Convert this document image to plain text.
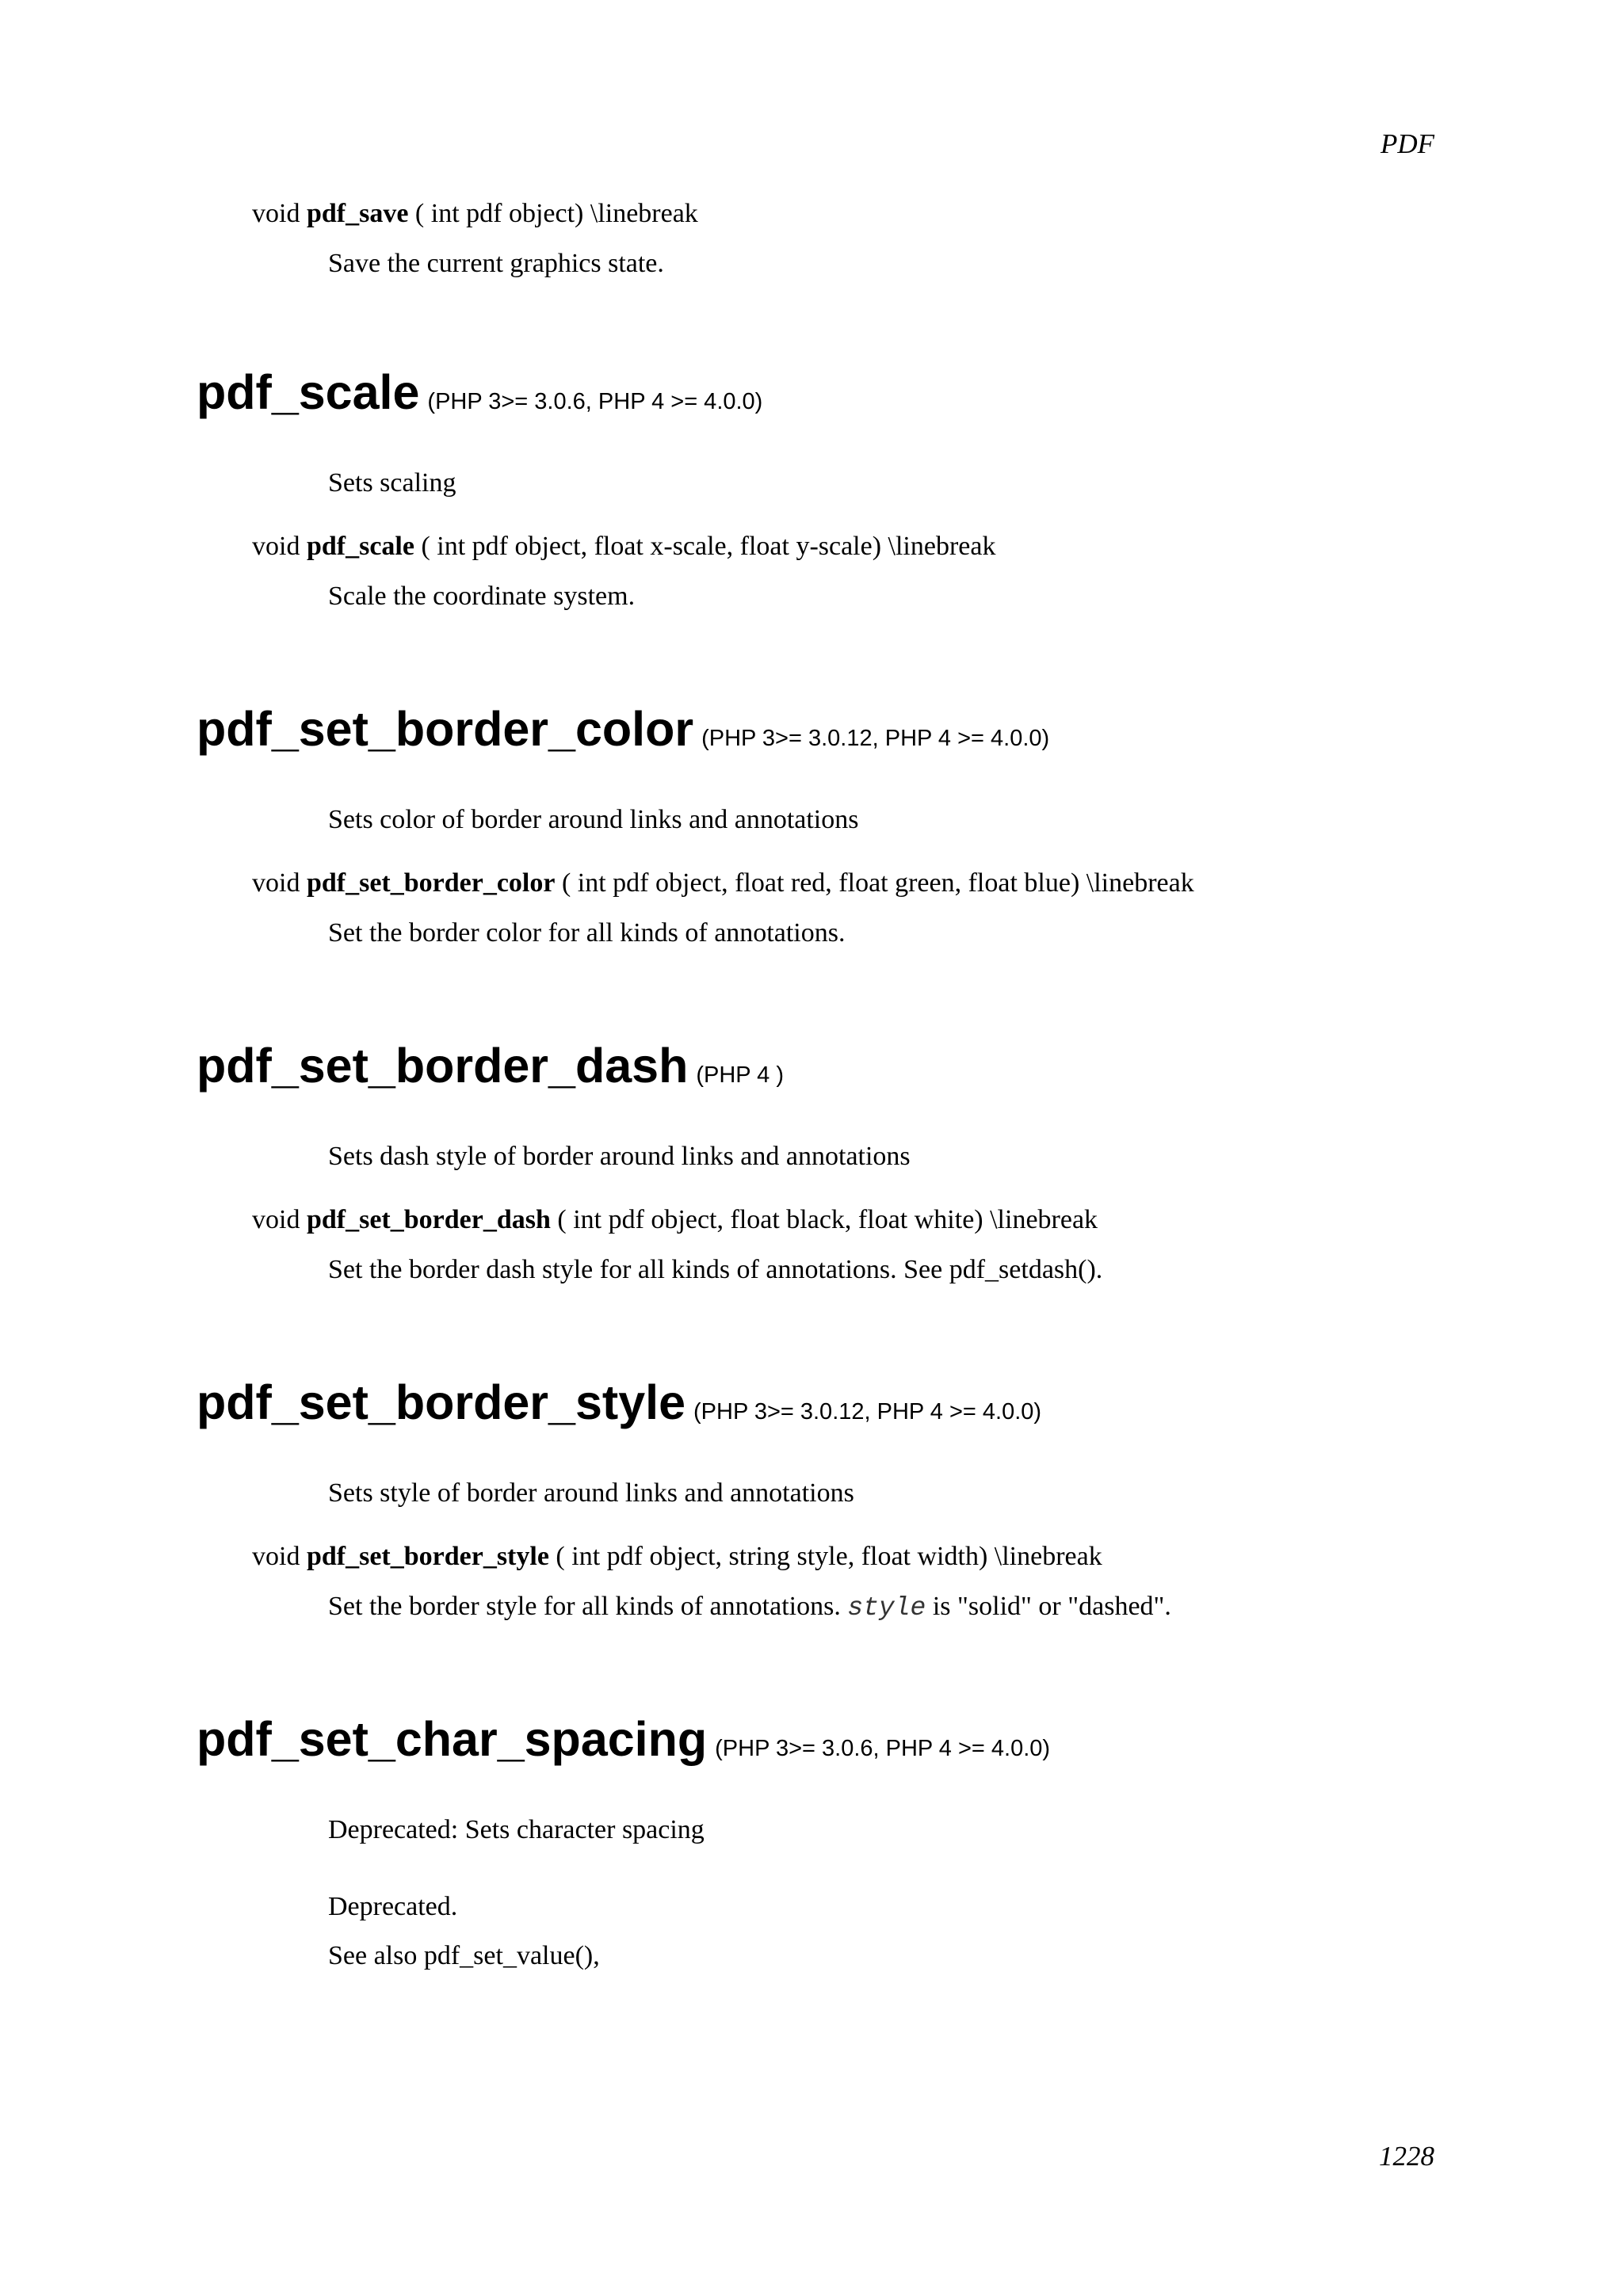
PDF
void pdf_save ( int pdf object) \linebreak
Save the current graphics state.
pdf_scale (PHP 3>= 3.0.6, PHP 4 >= 4.0.0)
Sets scaling
void pdf_scale ( int pdf object, float x-scale, float y-scale) \linebreak
Scale the coordinate system.
pdf_set_border_color (PHP 3>= 3.0.12, PHP 4 >= 4.0.0)
Sets color of border around links and annotations
void pdf_set_border_color ( int pdf object, float red, float green, float blue) \linebreak
Set the border color for all kinds of annotations.
pdf_set_border_dash (PHP 4 )
Sets dash style of border around links and annotations
void pdf_set_border_dash ( int pdf object, float black, float white) \linebreak
Set the border dash style for all kinds of annotations. See pdf_setdash().
pdf_set_border_style (PHP 3>= 3.0.12, PHP 4 >= 4.0.0)
Sets style of border around links and annotations
void pdf_set_border_style ( int pdf object, string style, float width) \linebreak
Set the border style for all kinds of annotations. style is "solid" or "dashed".
pdf_set_char_spacing (PHP 3>= 3.0.6, PHP 4 >= 4.0.0)
Deprecated: Sets character spacing
Deprecated.
See also pdf_set_value(),
1228
